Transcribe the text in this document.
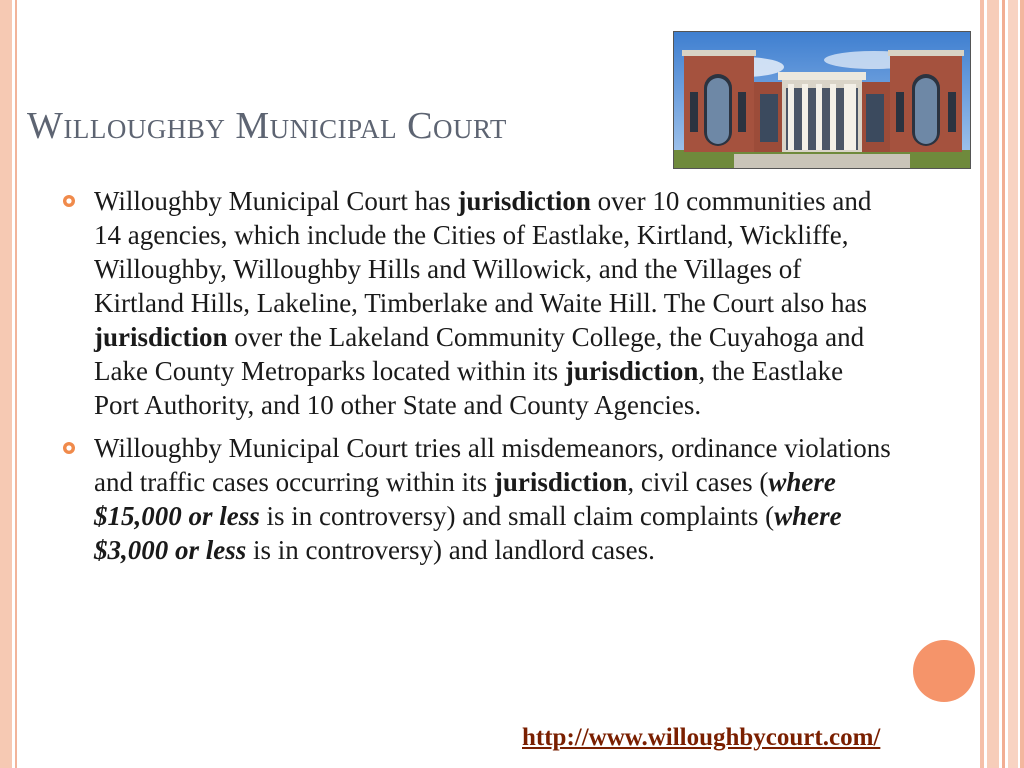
Willoughby Municipal Court
Willoughby Municipal Court has jurisdiction over 10 communities and 14 agencies, which include the Cities of Eastlake, Kirtland, Wickliffe, Willoughby, Willoughby Hills and Willowick, and the Villages of Kirtland Hills, Lakeline, Timberlake and Waite Hill. The Court also has jurisdiction over the Lakeland Community College, the Cuyahoga and Lake County Metroparks located within its jurisdiction, the Eastlake Port Authority, and 10 other State and County Agencies.
Willoughby Municipal Court tries all misdemeanors, ordinance violations and traffic cases occurring within its jurisdiction, civil cases (where $15,000 or less is in controversy) and small claim complaints (where $3,000 or less is in controversy) and landlord cases.
http://www.willoughbycourt.com/
